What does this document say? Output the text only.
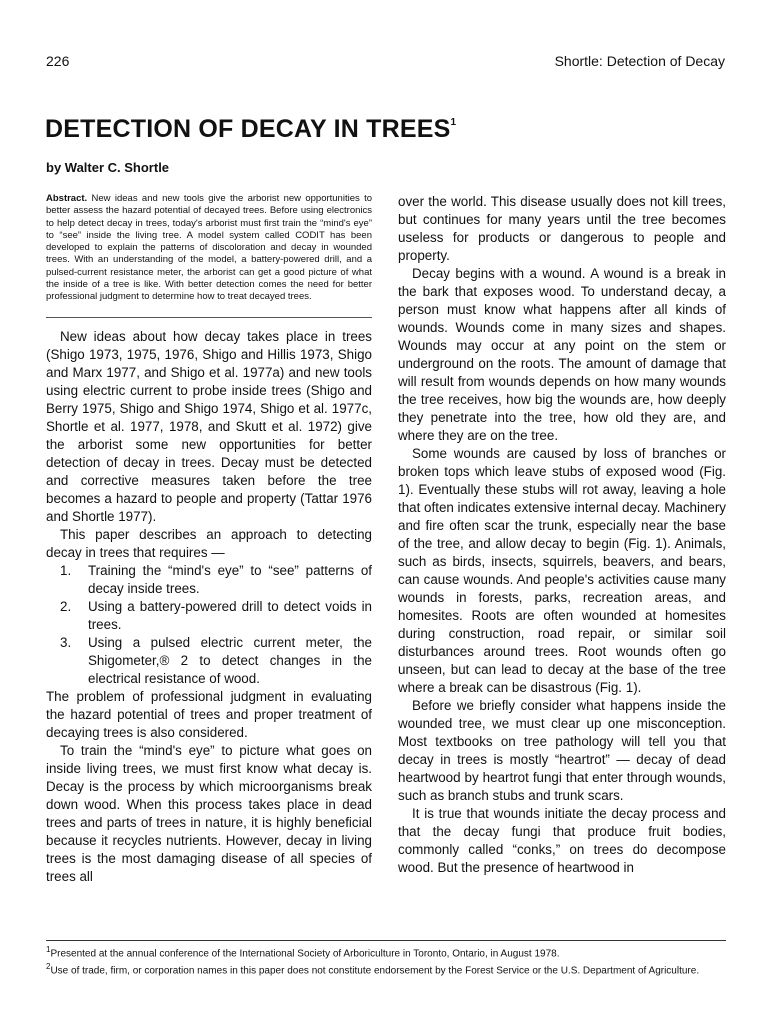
226	Shortle: Detection of Decay
DETECTION OF DECAY IN TREES$^1$
by Walter C. Shortle

Abstract. New ideas and new tools give the arborist new opportunities to better assess the hazard potential of decayed trees. Before using electronics to help detect decay in trees, today's arborist must first train the “mind's eye” to “see” inside the living tree. A model system called CODIT has been developed to explain the patterns of discoloration and decay in wounded trees. With an understanding of the model, a battery-powered drill, and a pulsed-current resistance meter, the arborist can get a good picture of what the inside of a tree is like. With better detection comes the need for better professional judgment to determine how to treat decayed trees.

New ideas about how decay takes place in trees (Shigo 1973, 1975, 1976, Shigo and Hillis 1973, Shigo and Marx 1977, and Shigo et al. 1977a) and new tools using electric current to probe inside trees (Shigo and Berry 1975, Shigo and Shigo 1974, Shigo et al. 1977c, Shortle et al. 1977, 1978, and Skutt et al. 1972) give the arborist some new opportunities for better detection of decay in trees. Decay must be detected and corrective measures taken before the tree becomes a hazard to people and property (Tattar 1976 and Shortle 1977).

This paper describes an approach to detecting decay in trees that requires —

1. Training the “mind's eye” to “see” patterns of decay inside trees.
2. Using a battery-powered drill to detect voids in trees.
3. Using a pulsed electric current meter, the Shigometer,® 2 to detect changes in the electrical resistance of wood.

The problem of professional judgment in evaluating the hazard potential of trees and proper treatment of decaying trees is also considered.

To train the “mind's eye” to picture what goes on inside living trees, we must first know what decay is. Decay is the process by which microorganisms break down wood. When this process takes place in dead trees and parts of trees in nature, it is highly beneficial because it recycles nutrients. However, decay in living trees is the most damaging disease of all species of trees all

over the world. This disease usually does not kill trees, but continues for many years until the tree becomes useless for products or dangerous to people and property.

Decay begins with a wound. A wound is a break in the bark that exposes wood. To understand decay, a person must know what happens after all kinds of wounds. Wounds come in many sizes and shapes. Wounds may occur at any point on the stem or underground on the roots. The amount of damage that will result from wounds depends on how many wounds the tree receives, how big the wounds are, how deeply they penetrate into the tree, how old they are, and where they are on the tree.

Some wounds are caused by loss of branches or broken tops which leave stubs of exposed wood (Fig. 1). Eventually these stubs will rot away, leaving a hole that often indicates extensive internal decay. Machinery and fire often scar the trunk, especially near the base of the tree, and allow decay to begin (Fig. 1). Animals, such as birds, insects, squirrels, beavers, and bears, can cause wounds. And people's activities cause many wounds in forests, parks, recreation areas, and homesites. Roots are often wounded at homesites during construction, road repair, or similar soil disturbances around trees. Root wounds often go unseen, but can lead to decay at the base of the tree where a break can be disastrous (Fig. 1).

Before we briefly consider what happens inside the wounded tree, we must clear up one misconception. Most textbooks on tree pathology will tell you that decay in trees is mostly “heartrot” — decay of dead heartwood by heartrot fungi that enter through wounds, such as branch stubs and trunk scars.

It is true that wounds initiate the decay process and that the decay fungi that produce fruit bodies, commonly called “conks,” on trees do decompose wood. But the presence of heartwood in

$^1$Presented at the annual conference of the International Society of Arboriculture in Toronto, Ontario, in August 1978.

$^2$Use of trade, firm, or corporation names in this paper does not constitute endorsement by the Forest Service or the U.S. Department of Agriculture.
